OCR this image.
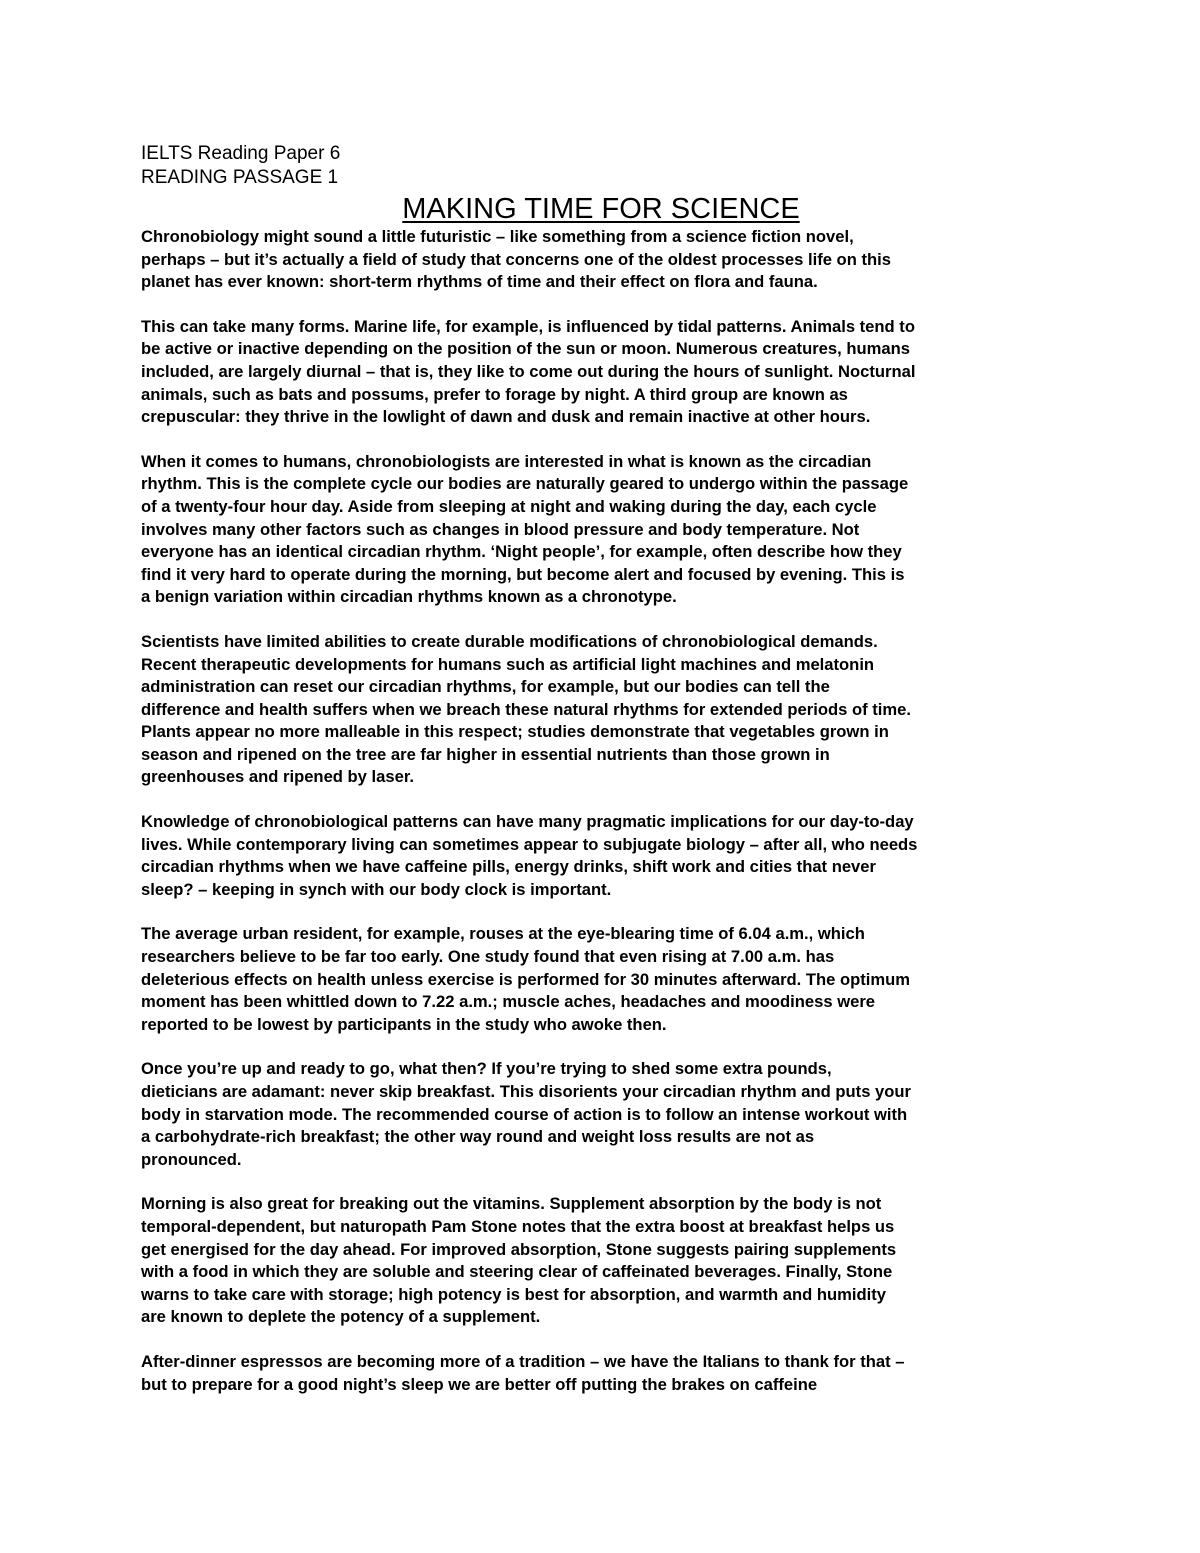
IELTS Reading Paper 6

READING PASSAGE 1

MAKING TIME FOR SCIENCE

Chronobiology might sound a little futuristic – like something from a science fiction novel,
perhaps – but it’s actually a field of study that concerns one of the oldest processes life on this
planet has ever known: short-term rhythms of time and their effect on flora and fauna.

This can take many forms. Marine life, for example, is influenced by tidal patterns. Animals tend to
be active or inactive depending on the position of the sun or moon. Numerous creatures, humans
included, are largely diurnal – that is, they like to come out during the hours of sunlight. Nocturnal
animals, such as bats and possums, prefer to forage by night. A third group are known as
crepuscular: they thrive in the lowlight of dawn and dusk and remain inactive at other hours.

When it comes to humans, chronobiologists are interested in what is known as the circadian
rhythm. This is the complete cycle our bodies are naturally geared to undergo within the passage
of a twenty-four hour day. Aside from sleeping at night and waking during the day, each cycle
involves many other factors such as changes in blood pressure and body temperature. Not
everyone has an identical circadian rhythm. ‘Night people’, for example, often describe how they
find it very hard to operate during the morning, but become alert and focused by evening. This is
a benign variation within circadian rhythms known as a chronotype.

Scientists have limited abilities to create durable modifications of chronobiological demands.
Recent therapeutic developments for humans such as artificial light machines and melatonin
administration can reset our circadian rhythms, for example, but our bodies can tell the
difference and health suffers when we breach these natural rhythms for extended periods of time.
Plants appear no more malleable in this respect; studies demonstrate that vegetables grown in
season and ripened on the tree are far higher in essential nutrients than those grown in
greenhouses and ripened by laser.

Knowledge of chronobiological patterns can have many pragmatic implications for our day-to-day
lives. While contemporary living can sometimes appear to subjugate biology – after all, who needs
circadian rhythms when we have caffeine pills, energy drinks, shift work and cities that never
sleep? – keeping in synch with our body clock is important.

The average urban resident, for example, rouses at the eye-blearing time of 6.04 a.m., which
researchers believe to be far too early. One study found that even rising at 7.00 a.m. has
deleterious effects on health unless exercise is performed for 30 minutes afterward. The optimum
moment has been whittled down to 7.22 a.m.; muscle aches, headaches and moodiness were
reported to be lowest by participants in the study who awoke then.

Once you’re up and ready to go, what then? If you’re trying to shed some extra pounds,
dieticians are adamant: never skip breakfast. This disorients your circadian rhythm and puts your
body in starvation mode. The recommended course of action is to follow an intense workout with
a carbohydrate-rich breakfast; the other way round and weight loss results are not as
pronounced.

Morning is also great for breaking out the vitamins. Supplement absorption by the body is not
temporal-dependent, but naturopath Pam Stone notes that the extra boost at breakfast helps us
get energised for the day ahead. For improved absorption, Stone suggests pairing supplements
with a food in which they are soluble and steering clear of caffeinated beverages. Finally, Stone
warns to take care with storage; high potency is best for absorption, and warmth and humidity
are known to deplete the potency of a supplement.

After-dinner espressos are becoming more of a tradition – we have the Italians to thank for that –
but to prepare for a good night’s sleep we are better off putting the brakes on caffeine
